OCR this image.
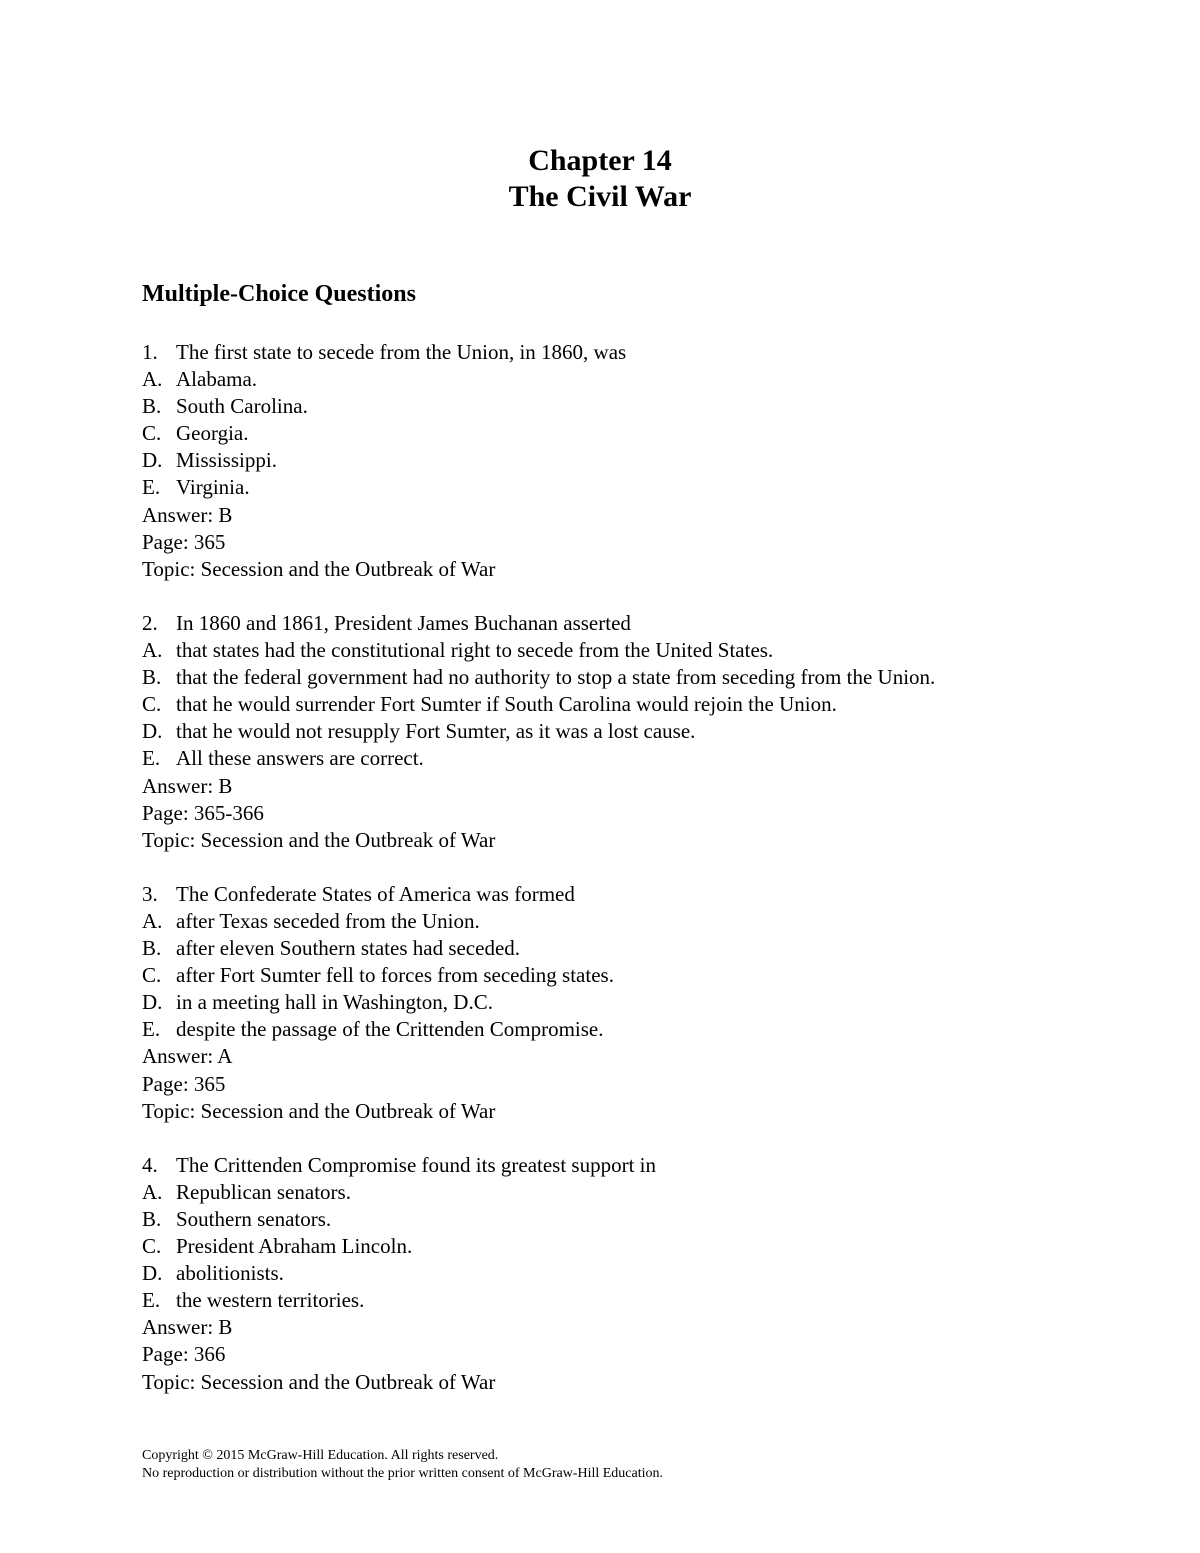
Chapter 14
The Civil War
Multiple-Choice Questions
1. The first state to secede from the Union, in 1860, was
A. Alabama.
B. South Carolina.
C. Georgia.
D. Mississippi.
E. Virginia.
Answer: B
Page: 365
Topic: Secession and the Outbreak of War
2. In 1860 and 1861, President James Buchanan asserted
A. that states had the constitutional right to secede from the United States.
B. that the federal government had no authority to stop a state from seceding from the Union.
C. that he would surrender Fort Sumter if South Carolina would rejoin the Union.
D. that he would not resupply Fort Sumter, as it was a lost cause.
E. All these answers are correct.
Answer: B
Page: 365-366
Topic: Secession and the Outbreak of War
3. The Confederate States of America was formed
A. after Texas seceded from the Union.
B. after eleven Southern states had seceded.
C. after Fort Sumter fell to forces from seceding states.
D. in a meeting hall in Washington, D.C.
E. despite the passage of the Crittenden Compromise.
Answer: A
Page: 365
Topic: Secession and the Outbreak of War
4. The Crittenden Compromise found its greatest support in
A. Republican senators.
B. Southern senators.
C. President Abraham Lincoln.
D. abolitionists.
E. the western territories.
Answer: B
Page: 366
Topic: Secession and the Outbreak of War
Copyright © 2015 McGraw-Hill Education. All rights reserved.
No reproduction or distribution without the prior written consent of McGraw-Hill Education.
